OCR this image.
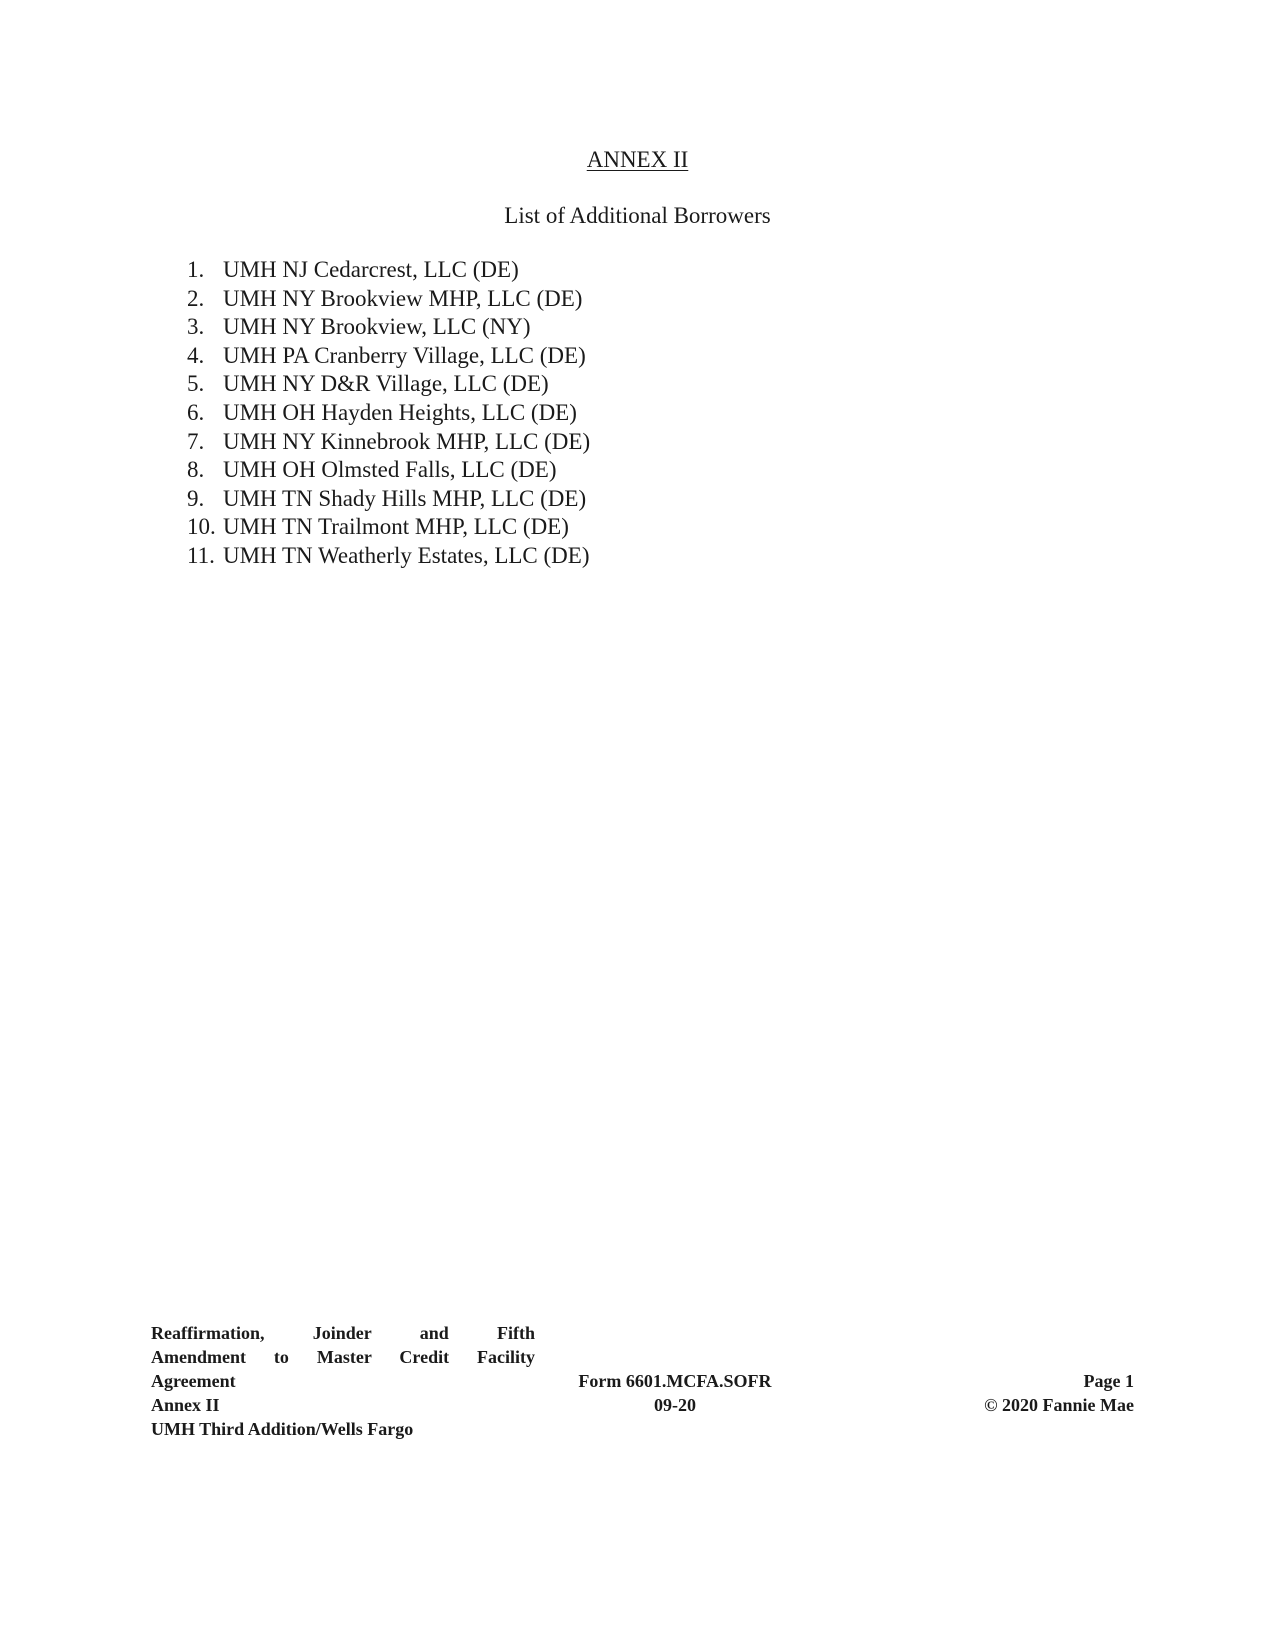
ANNEX II
List of Additional Borrowers
1. UMH NJ Cedarcrest, LLC (DE)
2. UMH NY Brookview MHP, LLC (DE)
3. UMH NY Brookview, LLC (NY)
4. UMH PA Cranberry Village, LLC (DE)
5. UMH NY D&R Village, LLC (DE)
6. UMH OH Hayden Heights, LLC (DE)
7. UMH NY Kinnebrook MHP, LLC (DE)
8. UMH OH Olmsted Falls, LLC (DE)
9. UMH TN Shady Hills MHP, LLC (DE)
10. UMH TN Trailmont MHP, LLC (DE)
11. UMH TN Weatherly Estates, LLC (DE)
Reaffirmation, Joinder and Fifth
Amendment to Master Credit Facility
Agreement
Annex II
UMH Third Addition/Wells Fargo
Form 6601.MCFA.SOFR
09-20
Page 1
© 2020 Fannie Mae
